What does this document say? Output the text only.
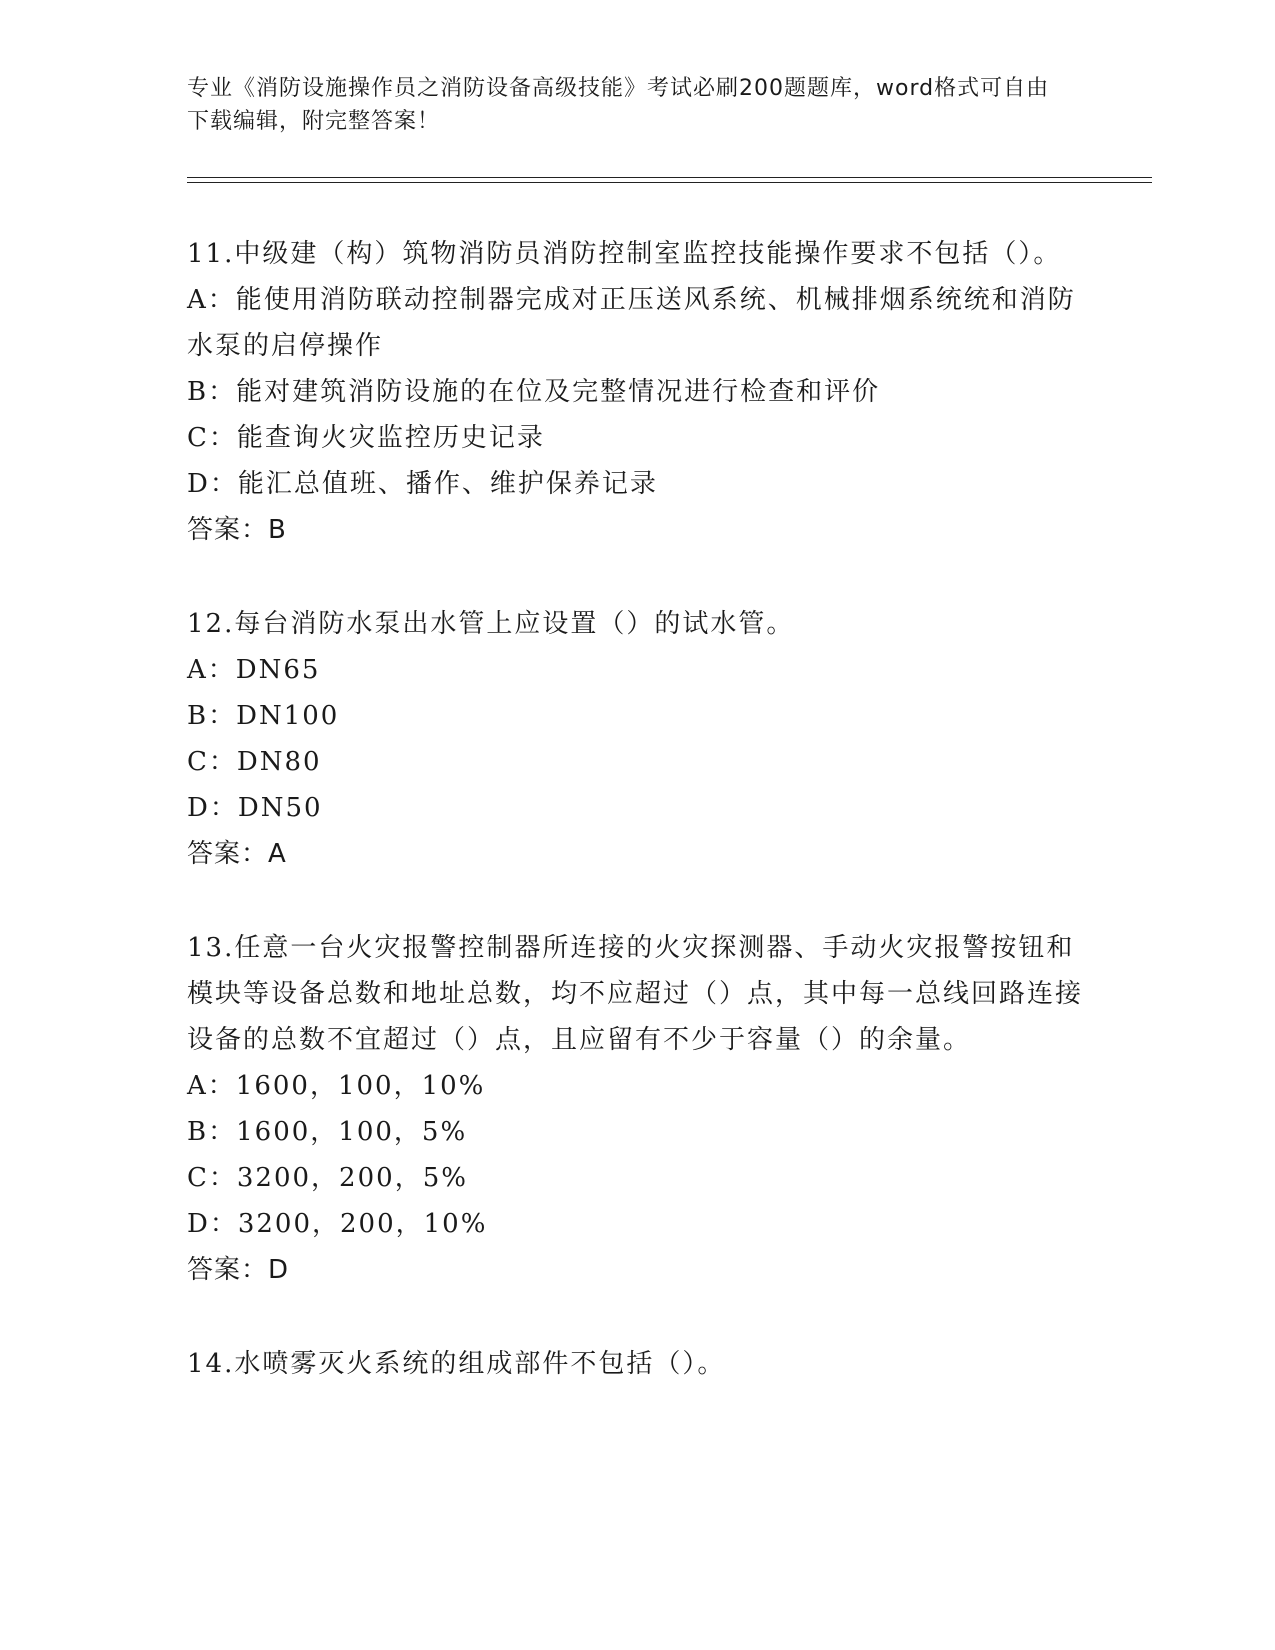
专业《消防设施操作员之消防设备高级技能》考试必刷200题题库，word格式可自由下载编辑，附完整答案！
11.中级建（构）筑物消防员消防控制室监控技能操作要求不包括（）。
A：能使用消防联动控制器完成对正压送风系统、机械排烟系统统和消防水泵的启停操作
B：能对建筑消防设施的在位及完整情况进行检查和评价
C：能查询火灾监控历史记录
D：能汇总值班、播作、维护保养记录
答案：B
12.每台消防水泵出水管上应设置（）的试水管。
A：DN65
B：DN100
C：DN80
D：DN50
答案：A
13.任意一台火灾报警控制器所连接的火灾探测器、手动火灾报警按钮和模块等设备总数和地址总数，均不应超过（）点，其中每一总线回路连接设备的总数不宜超过（）点，且应留有不少于容量（）的余量。
A：1600，100，10%
B：1600，100，5%
C：3200，200，5%
D：3200，200，10%
答案：D
14.水喷雾灭火系统的组成部件不包括（）。
